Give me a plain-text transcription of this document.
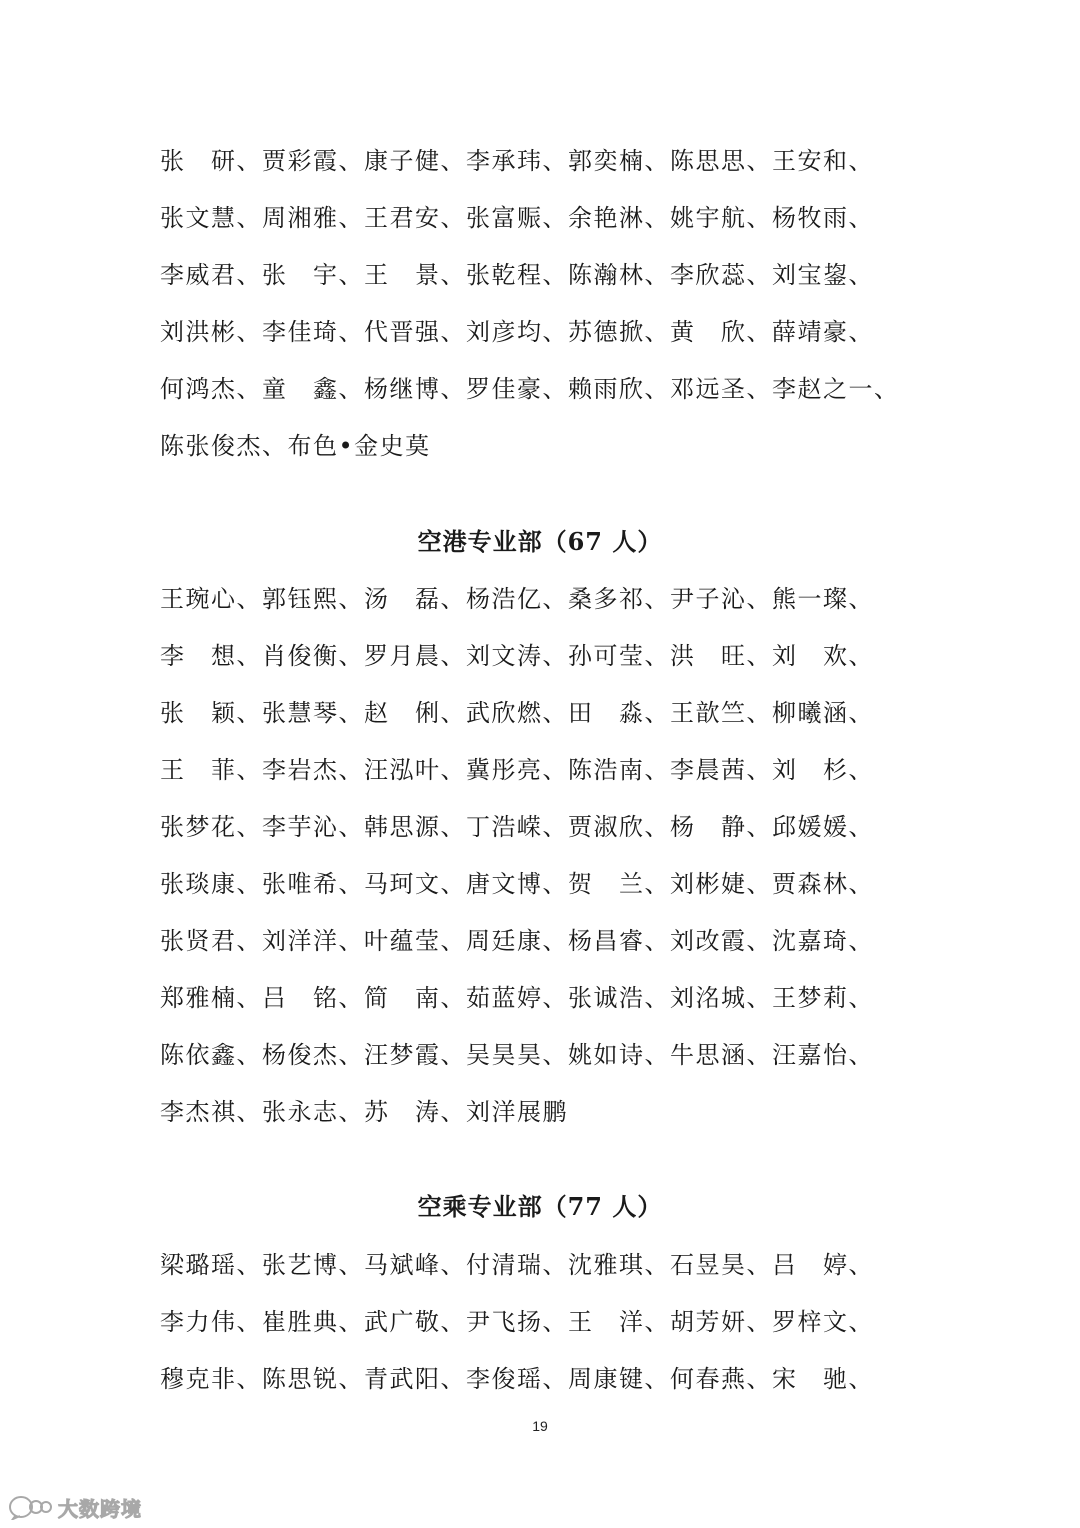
张　研、贾彩霞、康子健、李承玮、郭奕楠、陈思思、王安和、
张文慧、周湘雅、王君安、张富赈、余艳淋、姚宇航、杨牧雨、
李威君、张　宇、王　景、张乾程、陈瀚林、李欣蕊、刘宝鋆、
刘洪彬、李佳琦、代晋强、刘彦均、苏德掀、黄　欣、薛靖豪、
何鸿杰、童　鑫、杨继博、罗佳豪、赖雨欣、邓远圣、李赵之一、
陈张俊杰、布色•金史莫
空港专业部（67 人）
王琬心、郭钰熙、汤　磊、杨浩亿、桑多祁、尹子沁、熊一璨、
李　想、肖俊衡、罗月晨、刘文涛、孙可莹、洪　旺、刘　欢、
张　颖、张慧琴、赵　俐、武欣燃、田　淼、王歆竺、柳曦涵、
王　菲、李岩杰、汪泓叶、冀彤亮、陈浩南、李晨茜、刘　杉、
张梦花、李芋沁、韩思源、丁浩嵘、贾淑欣、杨　静、邱媛媛、
张琰康、张唯希、马珂文、唐文博、贺　兰、刘彬婕、贾森林、
张贤君、刘洋洋、叶蕴莹、周廷康、杨昌睿、刘改霞、沈嘉琦、
郑雅楠、吕　铭、简　南、茹蓝婷、张诚浩、刘洺城、王梦莉、
陈依鑫、杨俊杰、汪梦霞、吴昊昊、姚如诗、牛思涵、汪嘉怡、
李杰祺、张永志、苏　涛、刘洋展鹏
空乘专业部（77 人）
梁璐瑶、张艺博、马斌峰、付清瑞、沈雅琪、石昱昊、吕　婷、
李力伟、崔胜典、武广敬、尹飞扬、王　洋、胡芳妍、罗梓文、
穆克非、陈思锐、青武阳、李俊瑶、周康键、何春燕、宋　驰、
19
大数跨境
